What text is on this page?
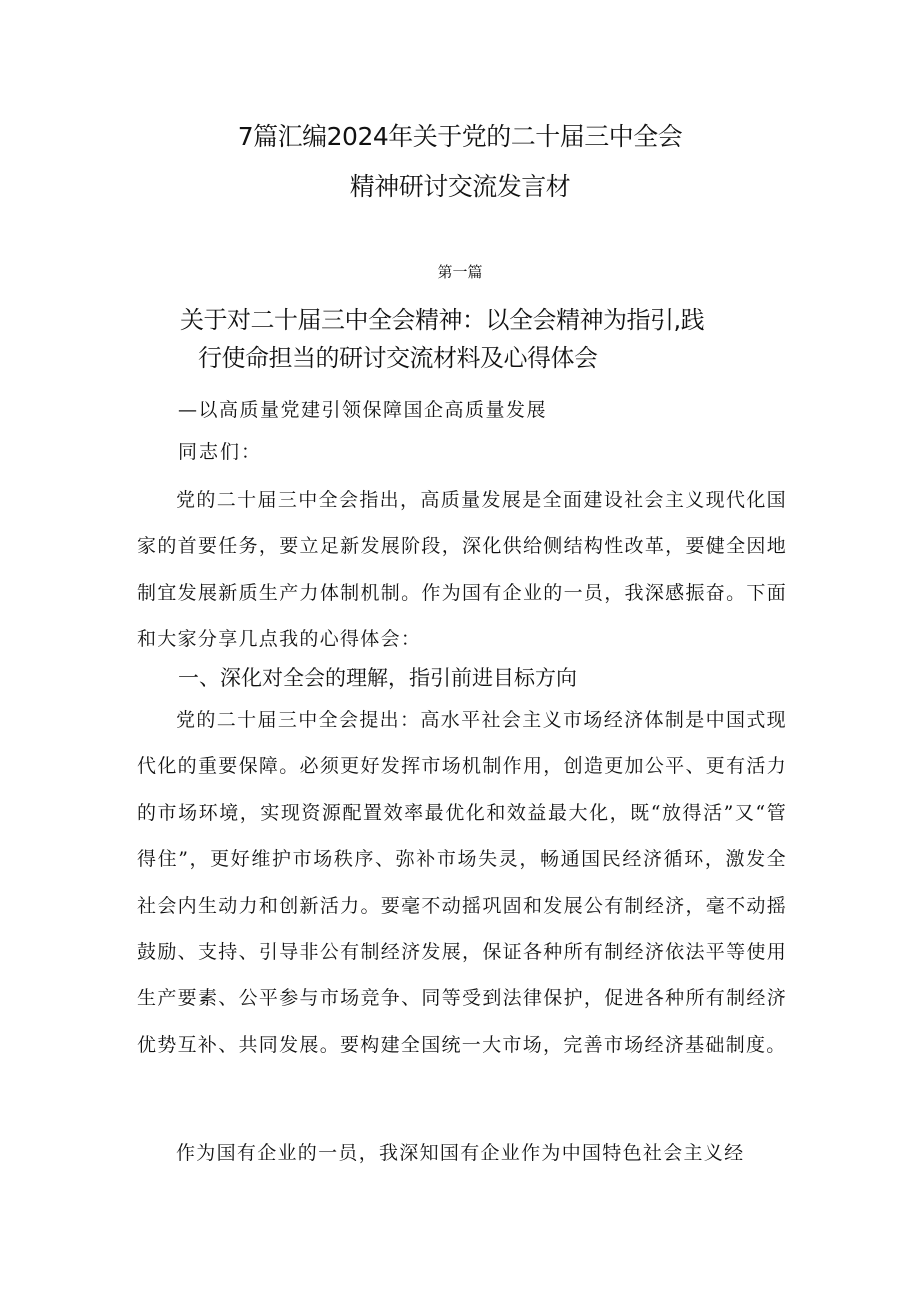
7篇汇编2024年关于党的二十届三中全会
精神研讨交流发言材
第一篇
关于对二十届三中全会精神：以全会精神为指引,践
行使命担当的研讨交流材料及心得体会
—以高质量党建引领保障国企高质量发展
同志们：
党的二十届三中全会指出，高质量发展是全面建设社会主义现代化国家的首要任务，要立足新发展阶段，深化供给侧结构性改革，要健全因地制宜发展新质生产力体制机制。作为国有企业的一员，我深感振奋。下面和大家分享几点我的心得体会：
一、深化对全会的理解，指引前进目标方向
党的二十届三中全会提出：高水平社会主义市场经济体制是中国式现代化的重要保障。必须更好发挥市场机制作用，创造更加公平、更有活力的市场环境，实现资源配置效率最优化和效益最大化，既“放得活”又“管得住”，更好维护市场秩序、弥补市场失灵，畅通国民经济循环，激发全社会内生动力和创新活力。要毫不动摇巩固和发展公有制经济，毫不动摇鼓励、支持、引导非公有制经济发展，保证各种所有制经济依法平等使用生产要素、公平参与市场竞争、同等受到法律保护，促进各种所有制经济优势互补、共同发展。要构建全国统一大市场，完善市场经济基础制度。
作为国有企业的一员，我深知国有企业作为中国特色社会主义经
